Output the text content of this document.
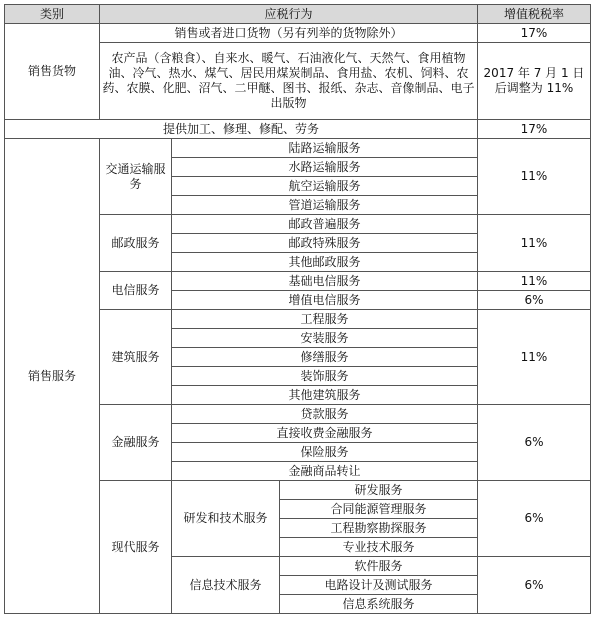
类别	应税行为			增值税税率
销售货物	销售或者进口货物（另有列举的货物除外）			17%
	农产品（含粮食）、自来水、暖气、石油液化气、天然气、食用植物油、冷气、热水、煤气、居民用煤炭制品、食用盐、农机、饲料、农药、农膜、化肥、沼气、二甲醚、图书、报纸、杂志、音像制品、电子出版物			2017 年 7 月 1 日后调整为 11%
提供加工、修理、修配、劳务				17%
销售服务	交通运输服务	陆路运输服务		11%
		水路运输服务		
		航空运输服务		
		管道运输服务		
	邮政服务	邮政普遍服务		11%
		邮政特殊服务		
		其他邮政服务		
	电信服务	基础电信服务		11%
		增值电信服务		6%
	建筑服务	工程服务		11%
		安装服务		
		修缮服务		
		装饰服务		
		其他建筑服务		
	金融服务	贷款服务		6%
		直接收费金融服务		
		保险服务		
		金融商品转让		
	现代服务	研发和技术服务	研发服务	6%
			合同能源管理服务	
			工程勘察勘探服务	
			专业技术服务	
		信息技术服务	软件服务	6%
			电路设计及测试服务	
			信息系统服务	
